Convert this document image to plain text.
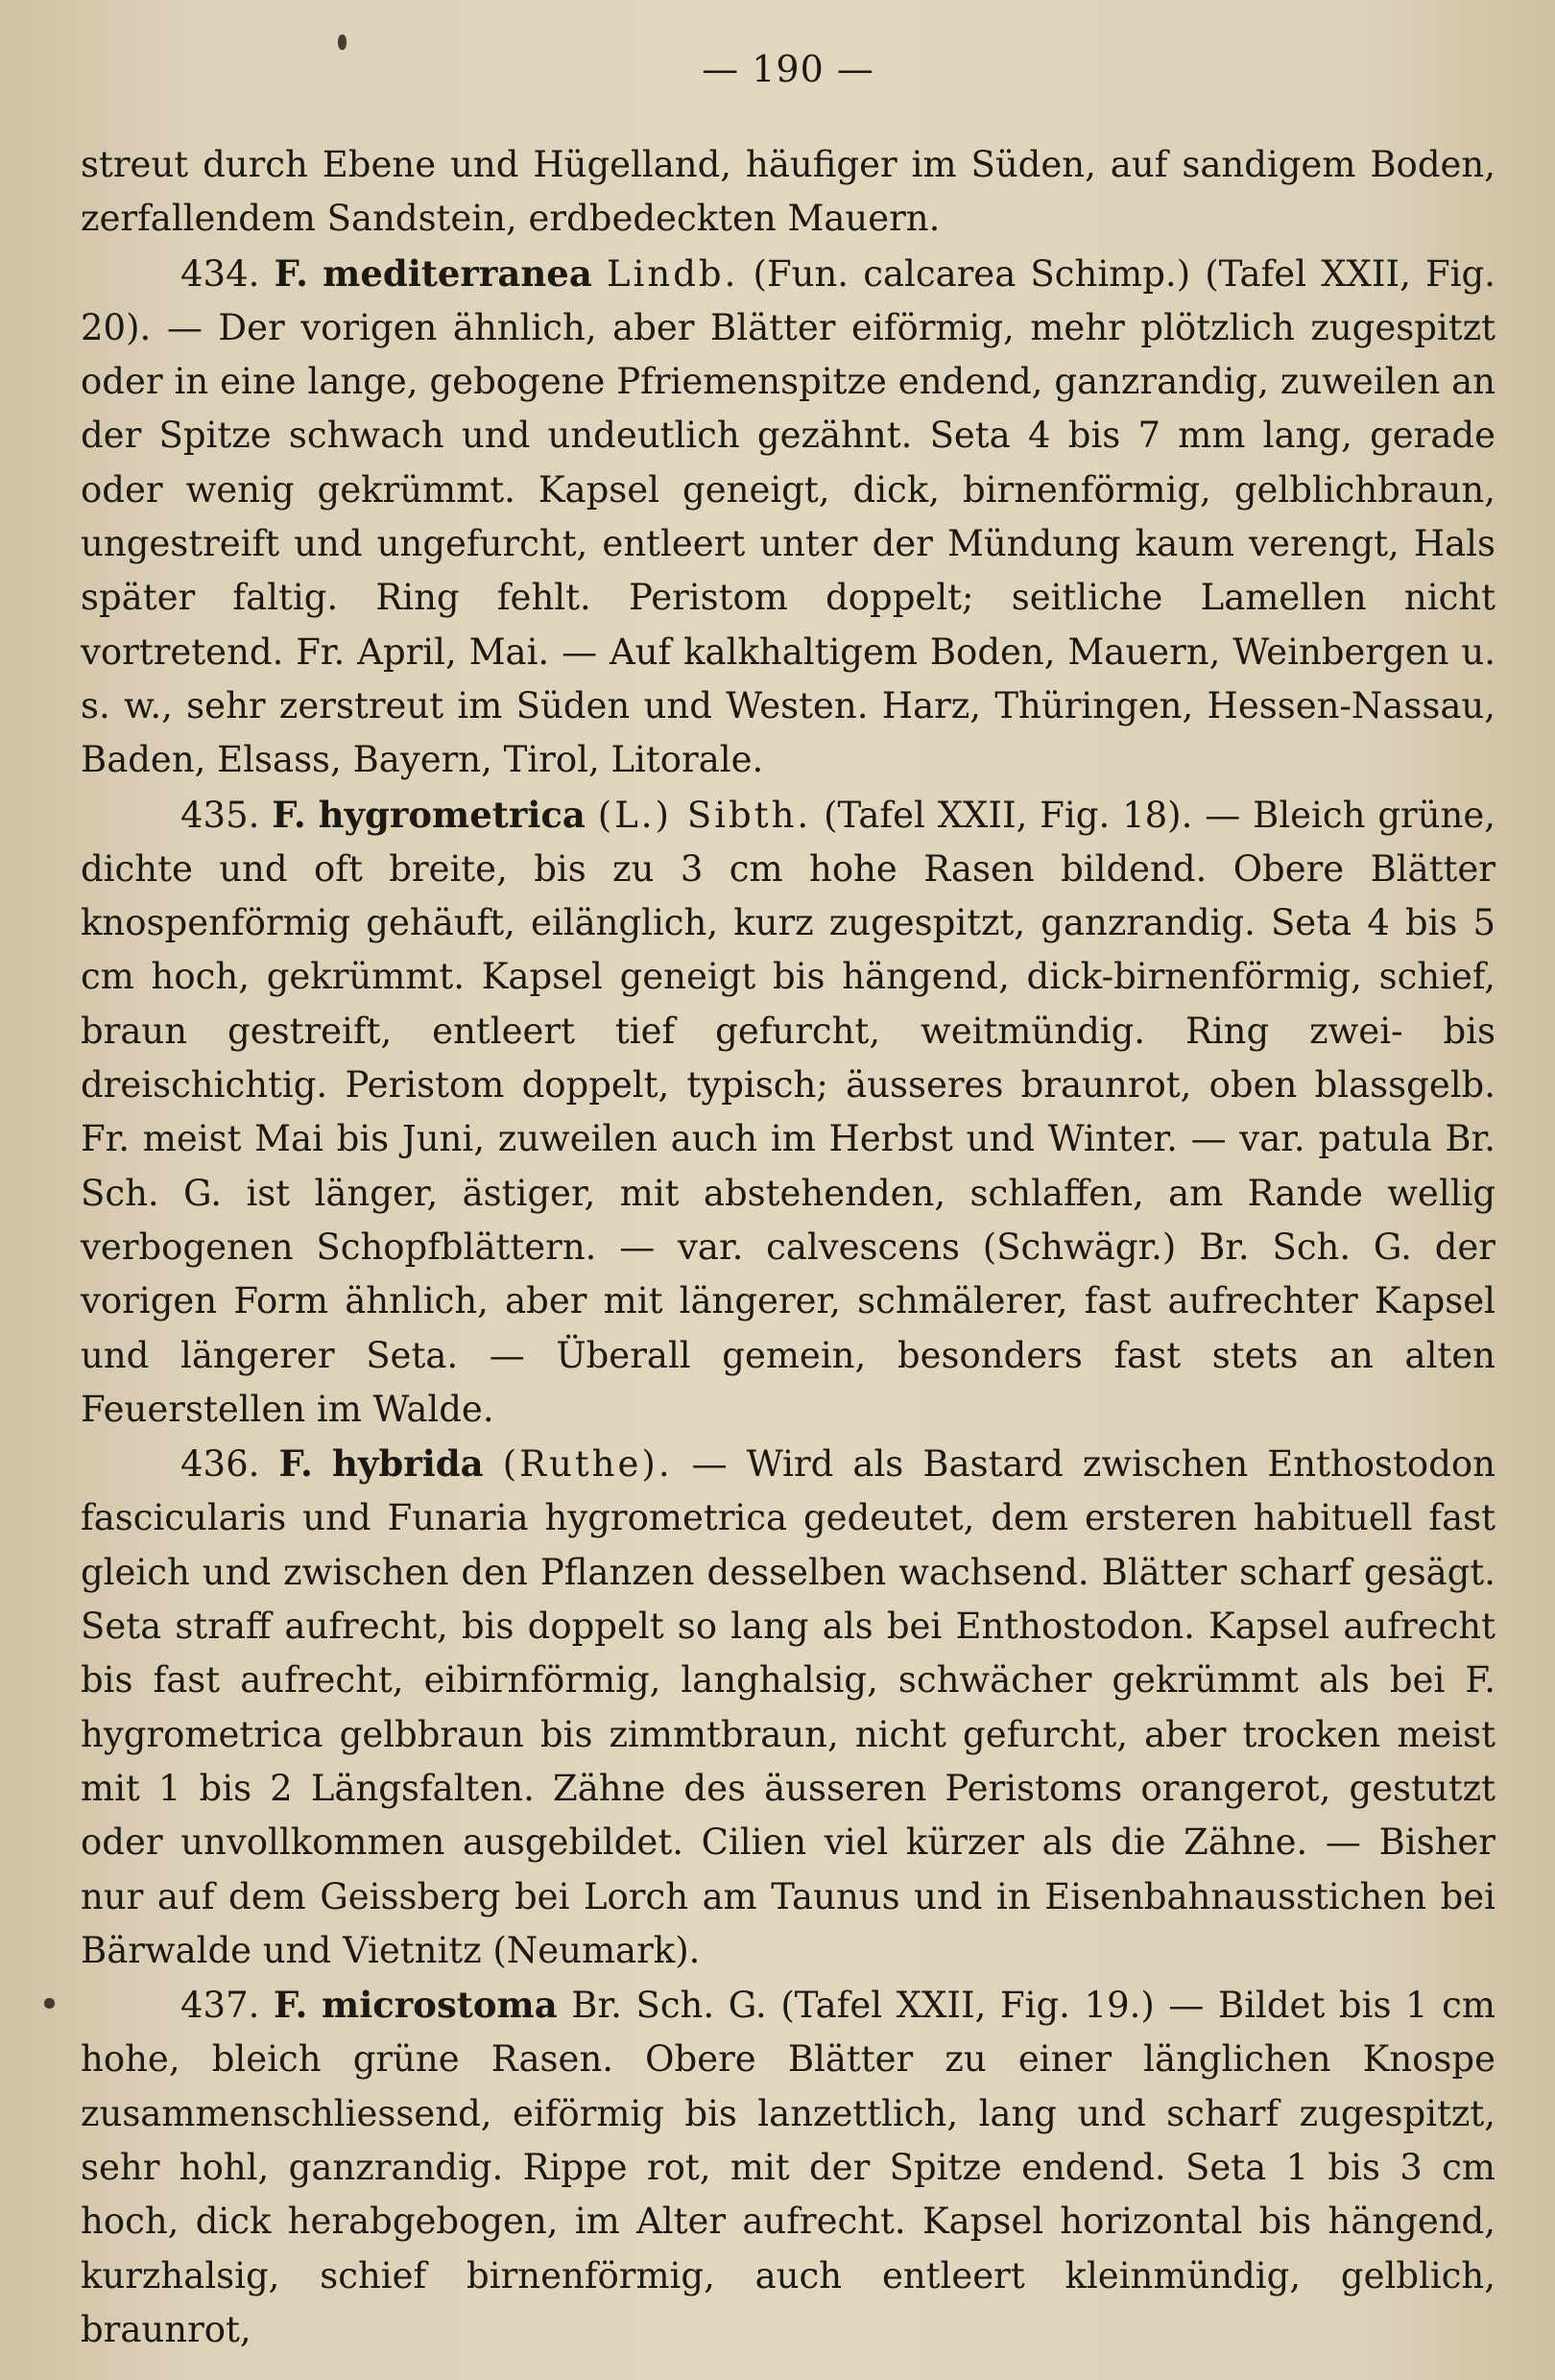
— 190 —

streut durch Ebene und Hügelland, häufiger im Süden, auf sandigem Boden, zerfallendem Sandstein, erdbedeckten Mauern.

434. F. mediterranea Lindb. (Fun. calcarea Schimp.) (Tafel XXII, Fig. 20). — Der vorigen ähnlich, aber Blätter eiförmig, mehr plötzlich zugespitzt oder in eine lange, gebogene Pfriemenspitze endend, ganzrandig, zuweilen an der Spitze schwach und undeutlich gezähnt. Seta 4 bis 7 mm lang, gerade oder wenig gekrümmt. Kapsel geneigt, dick, birnenförmig, gelblichbraun, ungestreift und ungefurcht, entleert unter der Mündung kaum verengt, Hals später faltig. Ring fehlt. Peristom doppelt; seitliche Lamellen nicht vortretend. Fr. April, Mai. — Auf kalkhaltigem Boden, Mauern, Weinbergen u. s. w., sehr zerstreut im Süden und Westen. Harz, Thüringen, Hessen-Nassau, Baden, Elsass, Bayern, Tirol, Litorale.

435. F. hygrometrica (L.) Sibth. (Tafel XXII, Fig. 18). — Bleich grüne, dichte und oft breite, bis zu 3 cm hohe Rasen bildend. Obere Blätter knospenförmig gehäuft, eilänglich, kurz zugespitzt, ganzrandig. Seta 4 bis 5 cm hoch, gekrümmt. Kapsel geneigt bis hängend, dick-birnenförmig, schief, braun gestreift, entleert tief gefurcht, weitmündig. Ring zwei- bis dreischichtig. Peristom doppelt, typisch; äusseres braunrot, oben blassgelb. Fr. meist Mai bis Juni, zuweilen auch im Herbst und Winter. — var. patula Br. Sch. G. ist länger, ästiger, mit abstehenden, schlaffen, am Rande wellig verbogenen Schopfblättern. — var. calvescens (Schwägr.) Br. Sch. G. der vorigen Form ähnlich, aber mit längerer, schmälerer, fast aufrechter Kapsel und längerer Seta. — Überall gemein, besonders fast stets an alten Feuerstellen im Walde.

436. F. hybrida (Ruthe). — Wird als Bastard zwischen Enthostodon fascicularis und Funaria hygrometrica gedeutet, dem ersteren habituell fast gleich und zwischen den Pflanzen desselben wachsend. Blätter scharf gesägt. Seta straff aufrecht, bis doppelt so lang als bei Enthostodon. Kapsel aufrecht bis fast aufrecht, eibirnförmig, langhalsig, schwächer gekrümmt als bei F. hygrometrica gelbbraun bis zimmtbraun, nicht gefurcht, aber trocken meist mit 1 bis 2 Längsfalten. Zähne des äusseren Peristoms orangerot, gestutzt oder unvollkommen ausgebildet. Cilien viel kürzer als die Zähne. — Bisher nur auf dem Geissberg bei Lorch am Taunus und in Eisenbahnausstichen bei Bärwalde und Vietnitz (Neumark).

437. F. microstoma Br. Sch. G. (Tafel XXII, Fig. 19.) — Bildet bis 1 cm hohe, bleich grüne Rasen. Obere Blätter zu einer länglichen Knospe zusammenschliessend, eiförmig bis lanzettlich, lang und scharf zugespitzt, sehr hohl, ganzrandig. Rippe rot, mit der Spitze endend. Seta 1 bis 3 cm hoch, dick herabgebogen, im Alter aufrecht. Kapsel horizontal bis hängend, kurzhalsig, schief birnenförmig, auch entleert kleinmündig, gelblich, braunrot,
